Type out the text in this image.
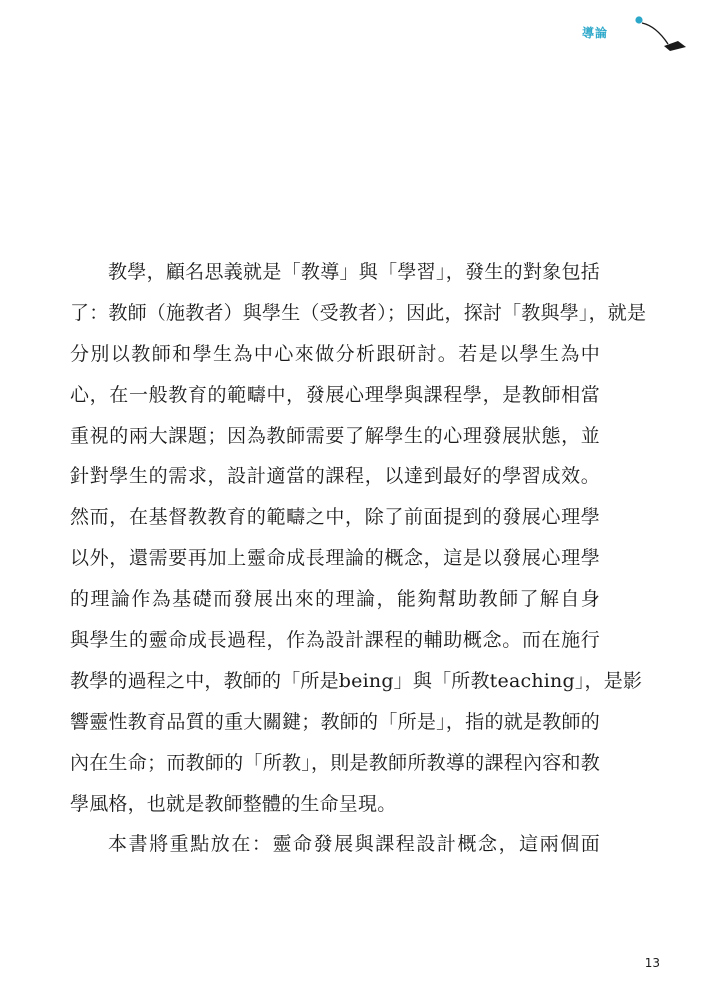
導論

教學，顧名思義就是「教導」與「學習」，發生的對象包括

了：教師（施教者）與學生（受教者）；因此，探討「教與學」，就是

分別以教師和學生為中心來做分析跟研討。若是以學生為中

心，在一般教育的範疇中，發展心理學與課程學，是教師相當

重視的兩大課題；因為教師需要了解學生的心理發展狀態，並

針對學生的需求，設計適當的課程，以達到最好的學習成效。

然而，在基督教教育的範疇之中，除了前面提到的發展心理學

以外，還需要再加上靈命成長理論的概念，這是以發展心理學

的理論作為基礎而發展出來的理論，能夠幫助教師了解自身

與學生的靈命成長過程，作為設計課程的輔助概念。而在施行

教學的過程之中，教師的「所是being」與「所教teaching」，是影

響靈性教育品質的重大關鍵；教師的「所是」，指的就是教師的

內在生命；而教師的「所教」，則是教師所教導的課程內容和教

學風格，也就是教師整體的生命呈現。

本書將重點放在：靈命發展與課程設計概念，這兩個面

13
